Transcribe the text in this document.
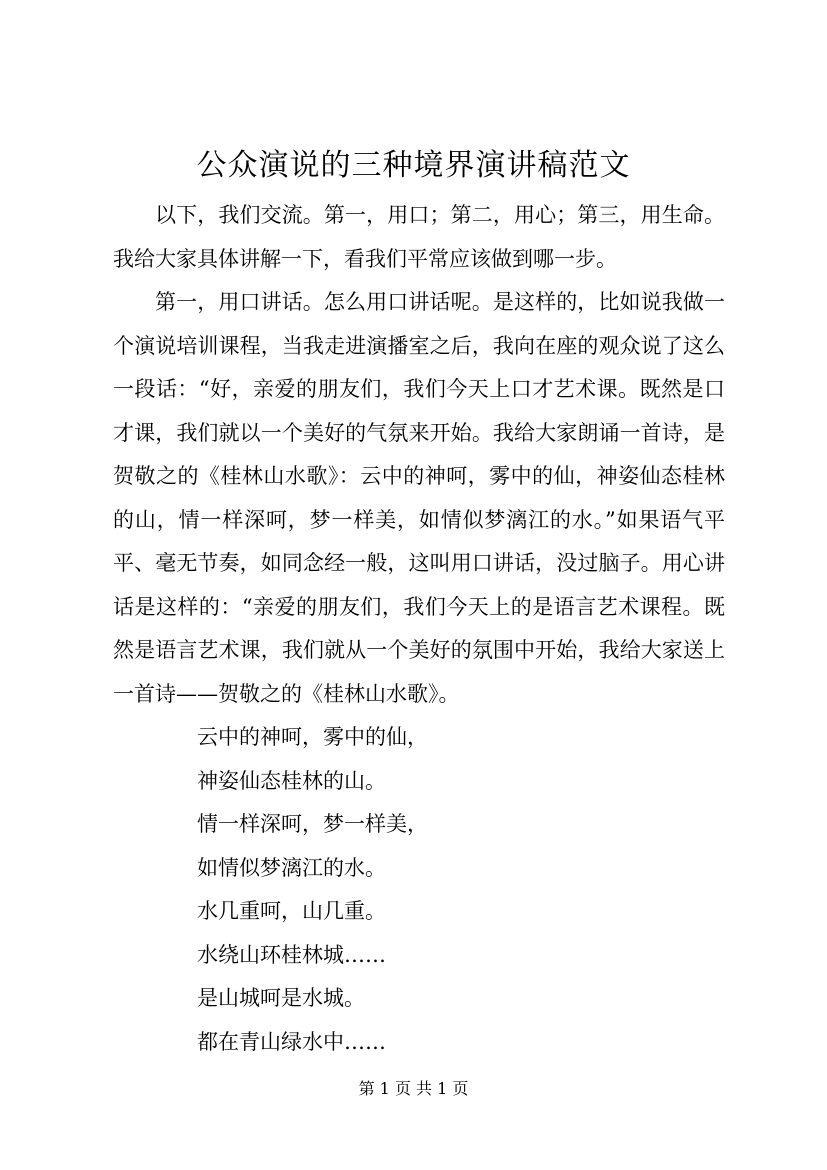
公众演说的三种境界演讲稿范文

以下，我们交流。第一，用口；第二，用心；第三，用生命。我给大家具体讲解一下，看我们平常应该做到哪一步。

第一，用口讲话。怎么用口讲话呢。是这样的，比如说我做一个演说培训课程，当我走进演播室之后，我向在座的观众说了这么一段话：“好，亲爱的朋友们，我们今天上口才艺术课。既然是口才课，我们就以一个美好的气氛来开始。我给大家朗诵一首诗，是贺敬之的《桂林山水歌》：云中的神呵，雾中的仙，神姿仙态桂林的山，情一样深呵，梦一样美，如情似梦漓江的水。”如果语气平平、毫无节奏，如同念经一般，这叫用口讲话，没过脑子。用心讲话是这样的：“亲爱的朋友们，我们今天上的是语言艺术课程。既然是语言艺术课，我们就从一个美好的氛围中开始，我给大家送上一首诗——贺敬之的《桂林山水歌》。

云中的神呵，雾中的仙，

神姿仙态桂林的山。

情一样深呵，梦一样美，

如情似梦漓江的水。

水几重呵，山几重。

水绕山环桂林城……

是山城呵是水城。

都在青山绿水中……

第 1 页 共 1 页
